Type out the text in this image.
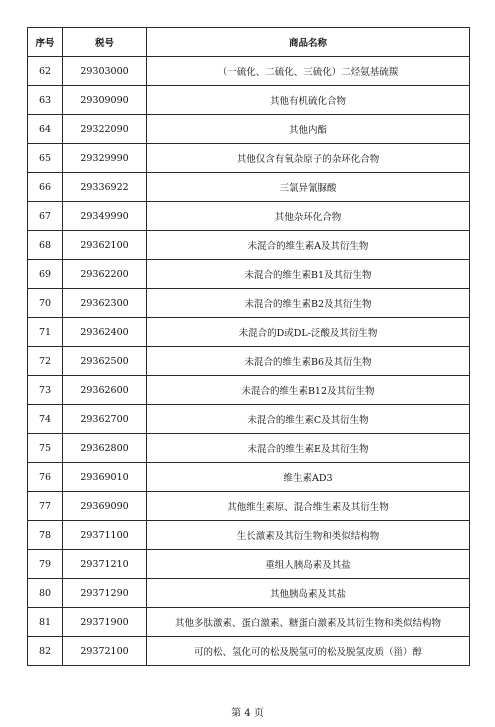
序号	税号	商品名称
62	29303000	（一硫化、二硫化、三硫化）二烃氨基硫羰
63	29309090	其他有机硫化合物
64	29322090	其他内酯
65	29329990	其他仅含有氧杂原子的杂环化合物
66	29336922	三氯异氰脲酸
67	29349990	其他杂环化合物
68	29362100	未混合的维生素A及其衍生物
69	29362200	未混合的维生素B1及其衍生物
70	29362300	未混合的维生素B2及其衍生物
71	29362400	未混合的D或DL-泛酸及其衍生物
72	29362500	未混合的维生素B6及其衍生物
73	29362600	未混合的维生素B12及其衍生物
74	29362700	未混合的维生素C及其衍生物
75	29362800	未混合的维生素E及其衍生物
76	29369010	维生素AD3
77	29369090	其他维生素原、混合维生素及其衍生物
78	29371100	生长激素及其衍生物和类似结构物
79	29371210	重组人胰岛素及其盐
80	29371290	其他胰岛素及其盐
81	29371900	其他多肽激素、蛋白激素、糖蛋白激素及其衍生物和类似结构物
82	29372100	可的松、氢化可的松及脱氢可的松及脱氢皮质（甾）醇
第 4 页
